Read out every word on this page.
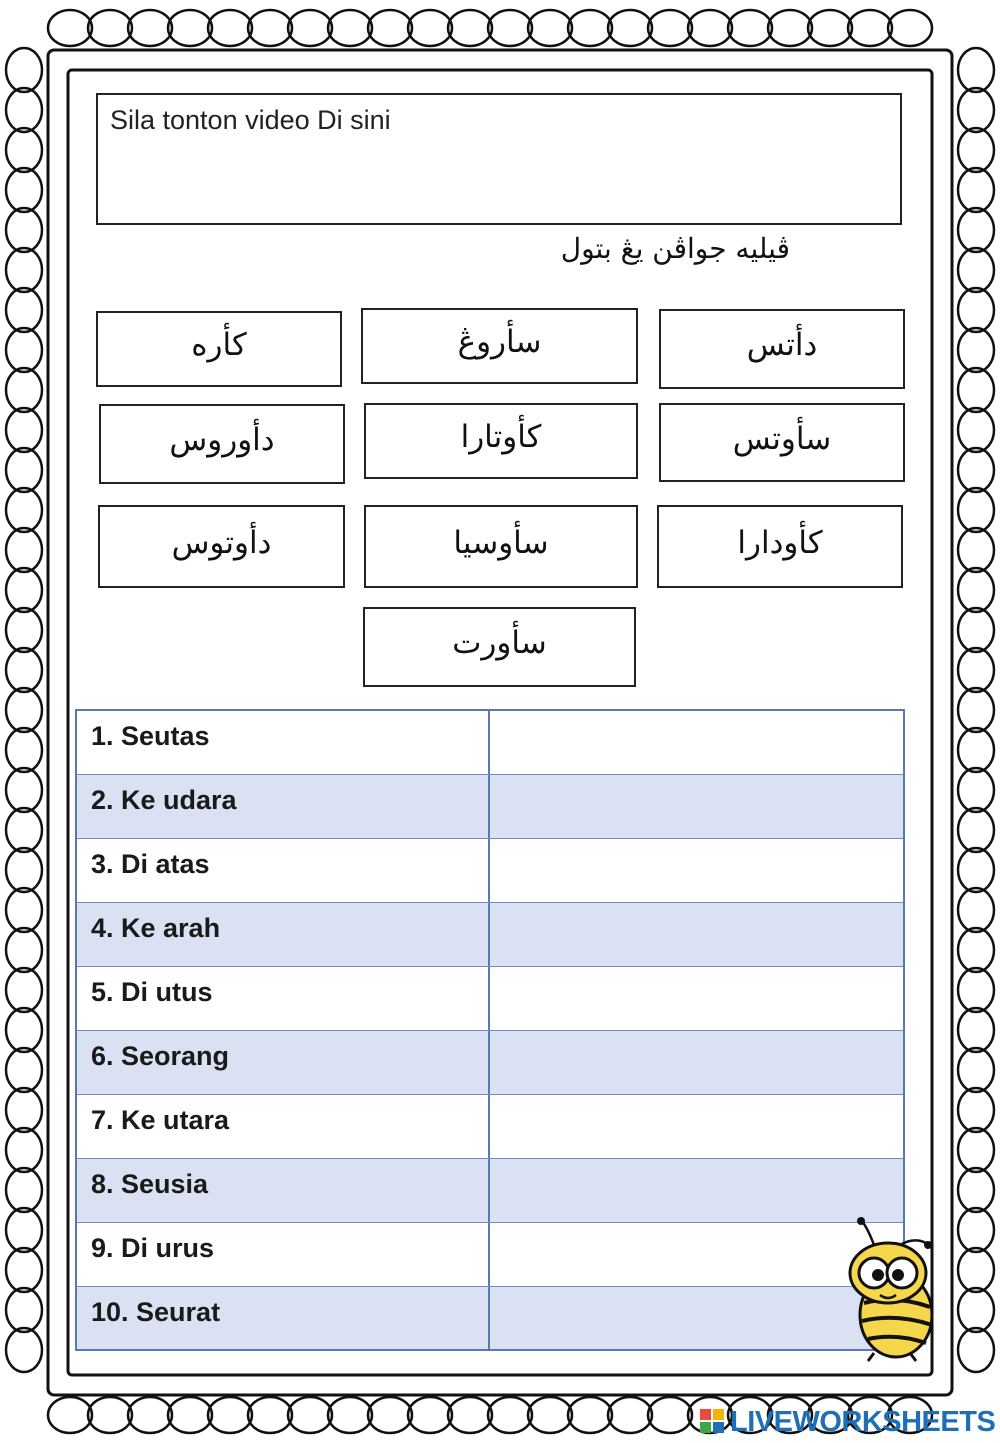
Sila tonton video Di sini
ڤيليه جواڤن يڠ بتول
كأره	سأروڠ	دأتس
دأوروس	كأوتارا	سأوتس
دأوتوس	سأوسيا	كأودارا
سأورت
1. Seutas
2. Ke udara
3. Di atas
4. Ke arah
5. Di utus
6. Seorang
7. Ke utara
8. Seusia
9. Di urus
10. Seurat
LIVEWORKSHEETS
